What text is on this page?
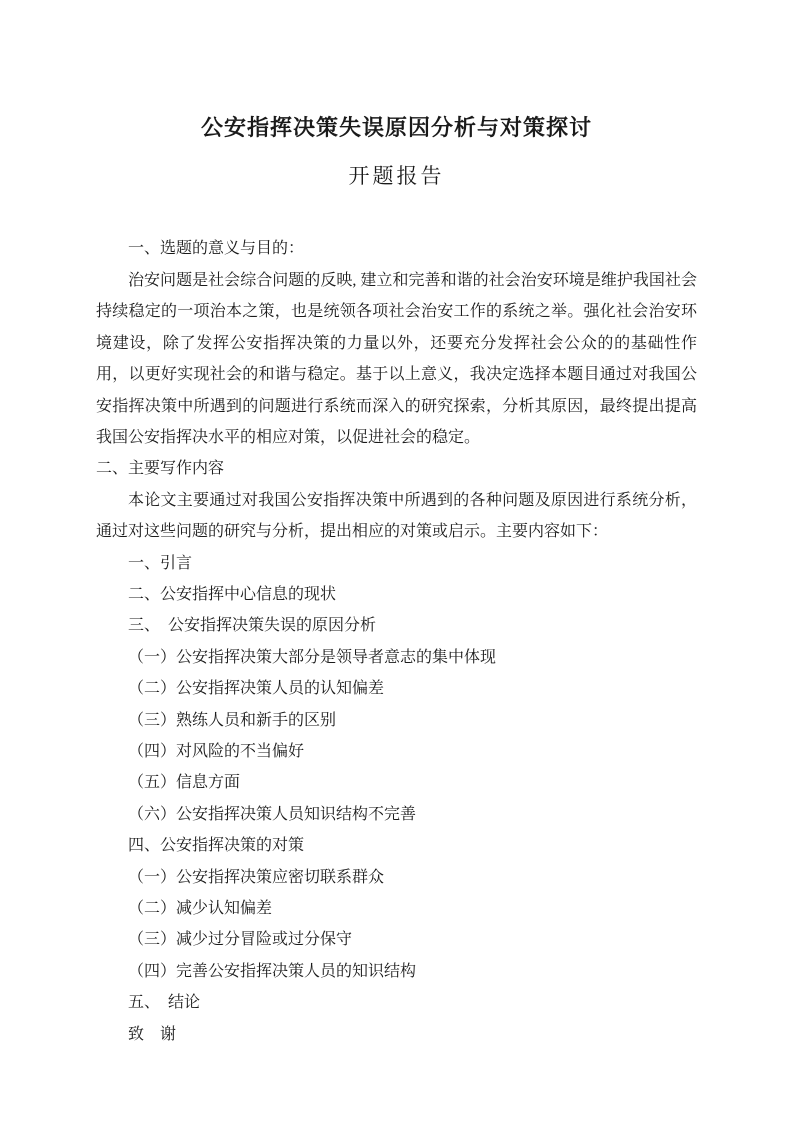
公安指挥决策失误原因分析与对策探讨
开题报告

一、选题的意义与目的：

治安问题是社会综合问题的反映, 建立和完善和谐的社会治安环境是维护我国社会持续稳定的一项治本之策，也是统领各项社会治安工作的系统之举。强化社会治安环境建设，除了发挥公安指挥决策的力量以外，还要充分发挥社会公众的的基础性作用，以更好实现社会的和谐与稳定。基于以上意义，我决定选择本题目通过对我国公安指挥决策中所遇到的问题进行系统而深入的研究探索，分析其原因，最终提出提高我国公安指挥决水平的相应对策，以促进社会的稳定。

二、主要写作内容

本论文主要通过对我国公安指挥决策中所遇到的各种问题及原因进行系统分析，通过对这些问题的研究与分析，提出相应的对策或启示。主要内容如下：

一、引言

二、公安指挥中心信息的现状

三、　公安指挥决策失误的原因分析

（一）公安指挥决策大部分是领导者意志的集中体现

（二）公安指挥决策人员的认知偏差

（三）熟练人员和新手的区别

（四）对风险的不当偏好

（五）信息方面

（六）公安指挥决策人员知识结构不完善

四、公安指挥决策的对策

（一）公安指挥决策应密切联系群众

（二）减少认知偏差

（三）减少过分冒险或过分保守

（四）完善公安指挥决策人员的知识结构

五、　结论

致　谢
